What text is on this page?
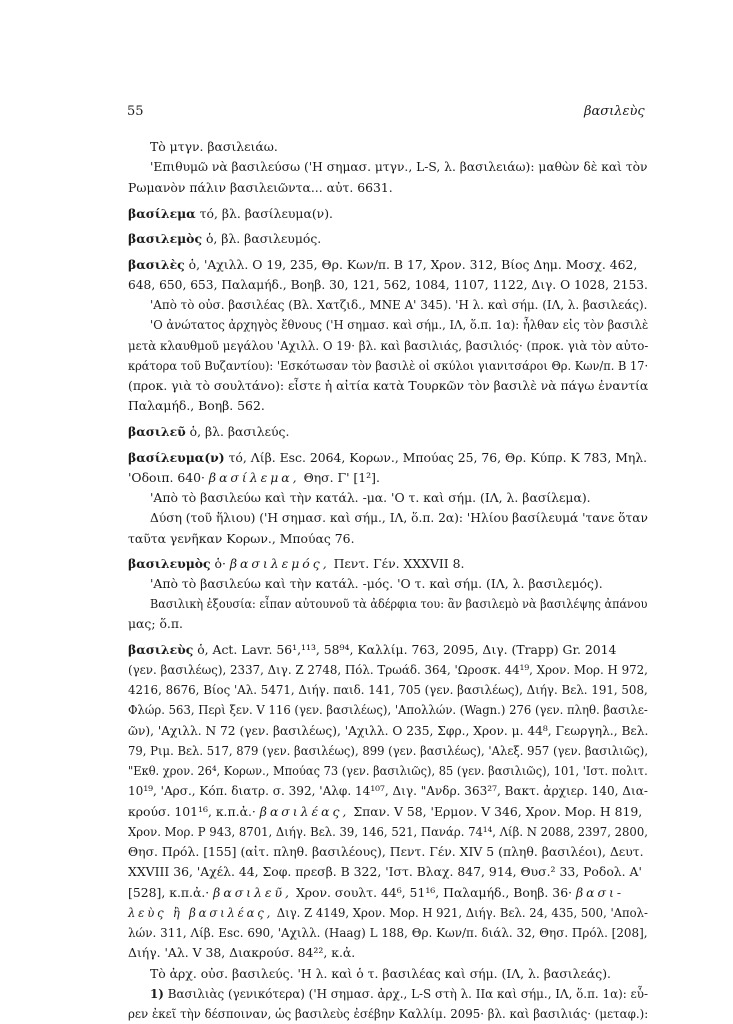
55	βασιλεὺς
Τὸ μτγν. βασιλειάω.
'Επιθυμῶ νὰ βασιλεύσω ('Η σημασ. μτγν., L-S, λ. βασιλειάω): μαθὼν δὲ καὶ τὸν
Ρωμανὸν πάλιν βασιλειῶντα... αὐτ. 6631.
βασίλεμα τό, βλ. βασίλευμα(ν).
βασιλεμὸς ὁ, βλ. βασιλευμός.
βασιλὲς ὁ, 'Αχιλλ. Ο 19, 235, Θρ. Κων/π. Β 17, Χρον. 312, Βίος Δημ. Μοσχ. 462,
648, 650, 653, Παλαμήδ., Βοηβ. 30, 121, 562, 1084, 1107, 1122, Διγ. Ο 1028, 2153.
'Απὸ τὸ οὐσ. βασιλέας (Βλ. Χατζιδ., ΜΝΕ Α' 345). 'Η λ. καὶ σήμ. (ΙΛ, λ. βασιλεάς).
'Ο ἀνώτατος ἀρχηγὸς ἔθνους ('Η σημασ. καὶ σήμ., ΙΛ, ὅ.π. 1α): ἦλθαν εἰς τὸν βασιλὲ
μετὰ κλαυθμοῦ μεγάλου 'Αχιλλ. Ο 19· βλ. καὶ βασιλιάς, βασιλιός· (προκ. γιὰ τὸν αὐτο-
κράτορα τοῦ Βυζαντίου): 'Εσκότωσαν τὸν βασιλὲ οἱ σκύλοι γιανιτσάροι Θρ. Κων/π. Β 17·
(προκ. γιὰ τὸ σουλτάνο): εἶστε ἡ αἰτία κατὰ Τουρκῶν τὸν βασιλὲ νὰ πάγω ἐναντία
Παλαμήδ., Βοηβ. 562.
βασιλεῦ ὁ, βλ. βασιλεύς.
βασίλευμα(ν) τό, Λίβ. Esc. 2064, Κορων., Μπούας 25, 76, Θρ. Κύπρ. Κ 783, Μηλ.
'Οδοιπ. 640· βασίλεμα, Θησ. Γ' [1²].
'Απὸ τὸ βασιλεύω καὶ τὴν κατάλ. -μα. 'Ο τ. καὶ σήμ. (ΙΛ, λ. βασίλεμα).
Δύση (τοῦ ἥλιου) ('Η σημασ. καὶ σήμ., ΙΛ, ὅ.π. 2α): 'Ηλίου βασίλευμά 'τανε ὅταν
ταῦτα γενῆκαν Κορων., Μπούας 76.
βασιλευμὸς ὁ· βασιλεμός, Πεντ. Γέν. XXXVII 8.
'Απὸ τὸ βασιλεύω καὶ τὴν κατάλ. -μός. 'Ο τ. καὶ σήμ. (ΙΛ, λ. βασιλεμός).
Βασιλικὴ ἐξουσία: εἶπαν αὐτουνοῦ τὰ ἀδέρφια του: ἂν βασιλεμὸ νὰ βασιλέψης ἀπάνου
μας; ὅ.π.
βασιλεὺς ὁ, Act. Lavr. 56¹,¹¹³, 58⁹⁴, Καλλίμ. 763, 2095, Διγ. (Trapp) Gr. 2014
(γεν. βασιλέως), 2337, Διγ. Ζ 2748, Πόλ. Τρωάδ. 364, 'Ωροσκ. 44¹⁹, Χρον. Μορ. Η 972,
4216, 8676, Βίος 'Αλ. 5471, Διήγ. παιδ. 141, 705 (γεν. βασιλέως), Διήγ. Βελ. 191, 508,
Φλώρ. 563, Περὶ ξεν. V 116 (γεν. βασιλέως), 'Απολλών. (Wagn.) 276 (γεν. πληθ. βασιλε-
ῶν), 'Αχιλλ. Ν 72 (γεν. βασιλέως), 'Αχιλλ. Ο 235, Σφρ., Χρον. μ. 44⁸, Γεωργηλ., Βελ.
79, Ριμ. Βελ. 517, 879 (γεν. βασιλέως), 899 (γεν. βασιλέως), 'Αλεξ. 957 (γεν. βασιλιῶς),
"Εκθ. χρον. 26⁴, Κορων., Μπούας 73 (γεν. βασιλιῶς), 85 (γεν. βασιλιῶς), 101, 'Ιστ. πολιτ.
10¹⁹, 'Αρσ., Κόπ. διατρ. σ. 392, 'Αλφ. 14¹⁰⁷, Διγ. "Ανδρ. 363²⁷, Βακτ. ἀρχιερ. 140, Δια-
κρούσ. 101¹⁶, κ.π.ἀ.· βασιλέας, Σπαν. V 58, 'Ερμον. V 346, Χρον. Μορ. Η 819,
Χρον. Μορ. Ρ 943, 8701, Διήγ. Βελ. 39, 146, 521, Πανάρ. 74¹⁴, Λίβ. Ν 2088, 2397, 2800,
Θησ. Πρόλ. [155] (αἰτ. πληθ. βασιλέους), Πεντ. Γέν. XIV 5 (πληθ. βασιλέοι), Δευτ.
XXVIII 36, 'Αχέλ. 44, Σοφ. πρεσβ. Β 322, 'Ιστ. Βλαχ. 847, 914, Θυσ.² 33, Ροδολ. Α'
[528], κ.π.ἀ.· βασιλεῦ, Χρον. σουλτ. 44⁶, 51¹⁶, Παλαμήδ., Βοηβ. 36· βασι-
λεὺς ἢ βασιλέας, Διγ. Ζ 4149, Χρον. Μορ. Η 921, Διήγ. Βελ. 24, 435, 500, 'Απολ-
λών. 311, Λίβ. Esc. 690, 'Αχιλλ. (Haag) L 188, Θρ. Κων/π. διάλ. 32, Θησ. Πρόλ. [208],
Διήγ. 'Αλ. V 38, Διακρούσ. 84²², κ.ἀ.
Τὸ ἀρχ. οὐσ. βασιλεύς. 'Η λ. καὶ ὁ τ. βασιλέας καὶ σήμ. (ΙΛ, λ. βασιλεάς).
1) Βασιλιὰς (γενικότερα) ('Η σημασ. ἀρχ., L-S στὴ λ. ΙΙα καὶ σήμ., ΙΛ, ὅ.π. 1α): εὗ-
ρεν ἐκεῖ τὴν δέσποιναν, ὡς βασιλεὺς ἐσέβην Καλλίμ. 2095· βλ. καὶ βασιλιάς· (μεταφ.):
